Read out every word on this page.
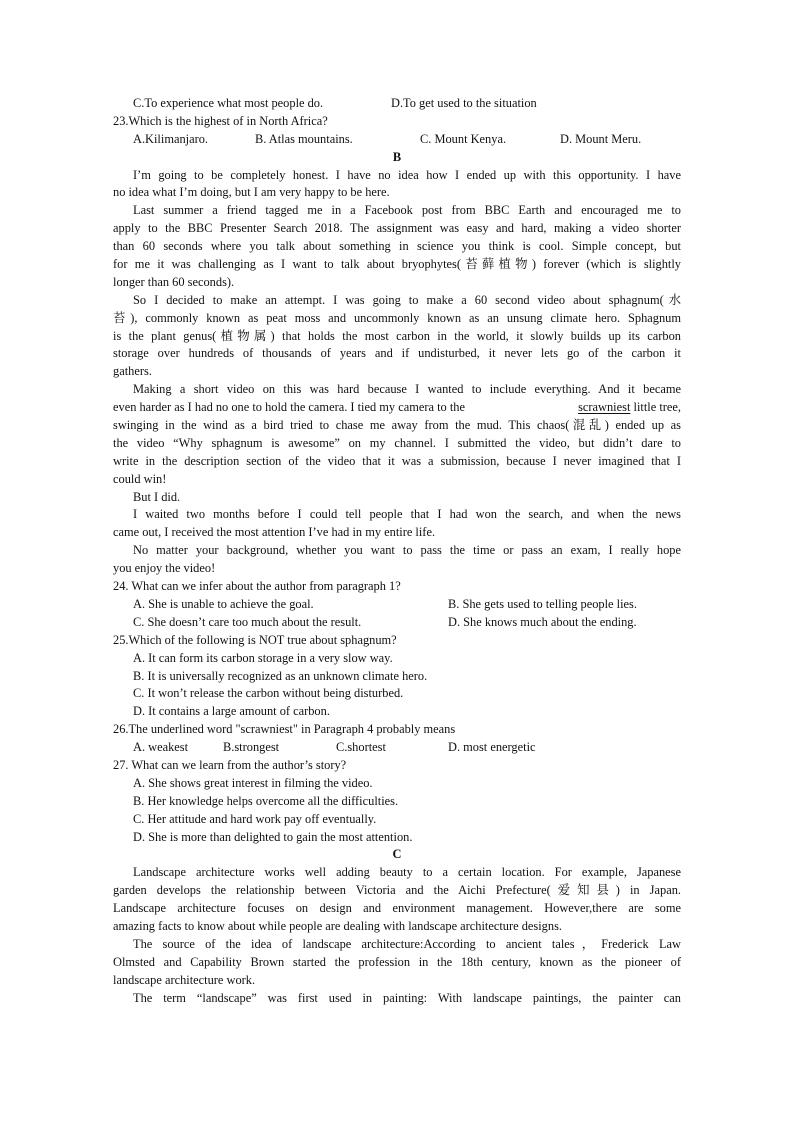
C.To experience what most people do.	D.To get used to the situation
23.Which is the highest of in North Africa?
A.Kilimanjaro.	B. Atlas mountains.	C. Mount Kenya.	D. Mount Meru.
B
I’m going to be completely honest. I have no idea how I ended up with this opportunity. I have
no idea what I’m doing, but I am very happy to be here.
Last summer a friend tagged me in a Facebook post from BBC Earth and encouraged me to
apply to the BBC Presenter Search 2018. The assignment was easy and hard, making a video shorter
than 60 seconds where you talk about something in science you think is cool. Simple concept, but
for me it was challenging as I want to talk about bryophytes(苔藓植物) forever (which is slightly
longer than 60 seconds).
So I decided to make an attempt. I was going to make a 60 second video about sphagnum(水
苔), commonly known as peat moss and uncommonly known as an unsung climate hero. Sphagnum
is the plant genus(植物属) that holds the most carbon in the world, it slowly builds up its carbon
storage over hundreds of thousands of years and if undisturbed, it never lets go of the carbon it
gathers.
Making a short video on this was hard because I wanted to include everything. And it became
even harder as I had no one to hold the camera. I tied my camera to the	scrawniest little tree,
swinging in the wind as a bird tried to chase me away from the mud. This chaos(混乱) ended up as
the video “Why sphagnum is awesome” on my channel. I submitted the video, but didn’t dare to
write in the description section of the video that it was a submission, because I never imagined that I
could win!
But I did.
I waited two months before I could tell people that I had won the search, and when the news
came out, I received the most attention I’ve had in my entire life.
No matter your background, whether you want to pass the time or pass an exam, I really hope
you enjoy the video!
24. What can we infer about the author from paragraph 1?
A. She is unable to achieve the goal.	B. She gets used to telling people lies.
C. She doesn’t care too much about the result.	D. She knows much about the ending.
25.Which of the following is NOT true about sphagnum?
A. It can form its carbon storage in a very slow way.
B. It is universally recognized as an unknown climate hero.
C. It won’t release the carbon without being disturbed.
D. It contains a large amount of carbon.
26.The underlined word "scrawniest" in Paragraph 4 probably means
A. weakest	B.strongest	C.shortest	D. most energetic
27. What can we learn from the author’s story?
A. She shows great interest in filming the video.
B. Her knowledge helps overcome all the difficulties.
C. Her attitude and hard work pay off eventually.
D. She is more than delighted to gain the most attention.
C
Landscape architecture works well adding beauty to a certain location. For example, Japanese
garden develops the relationship between Victoria and the Aichi Prefecture(爱知县) in Japan.
Landscape architecture focuses on design and environment management. However,there are some
amazing facts to know about while people are dealing with landscape architecture designs.
The source of the idea of landscape architecture:According to ancient tales，Frederick Law
Olmsted and Capability Brown started the profession in the 18th century, known as the pioneer of
landscape architecture work.
The term “landscape” was first used in painting: With landscape paintings, the painter can
